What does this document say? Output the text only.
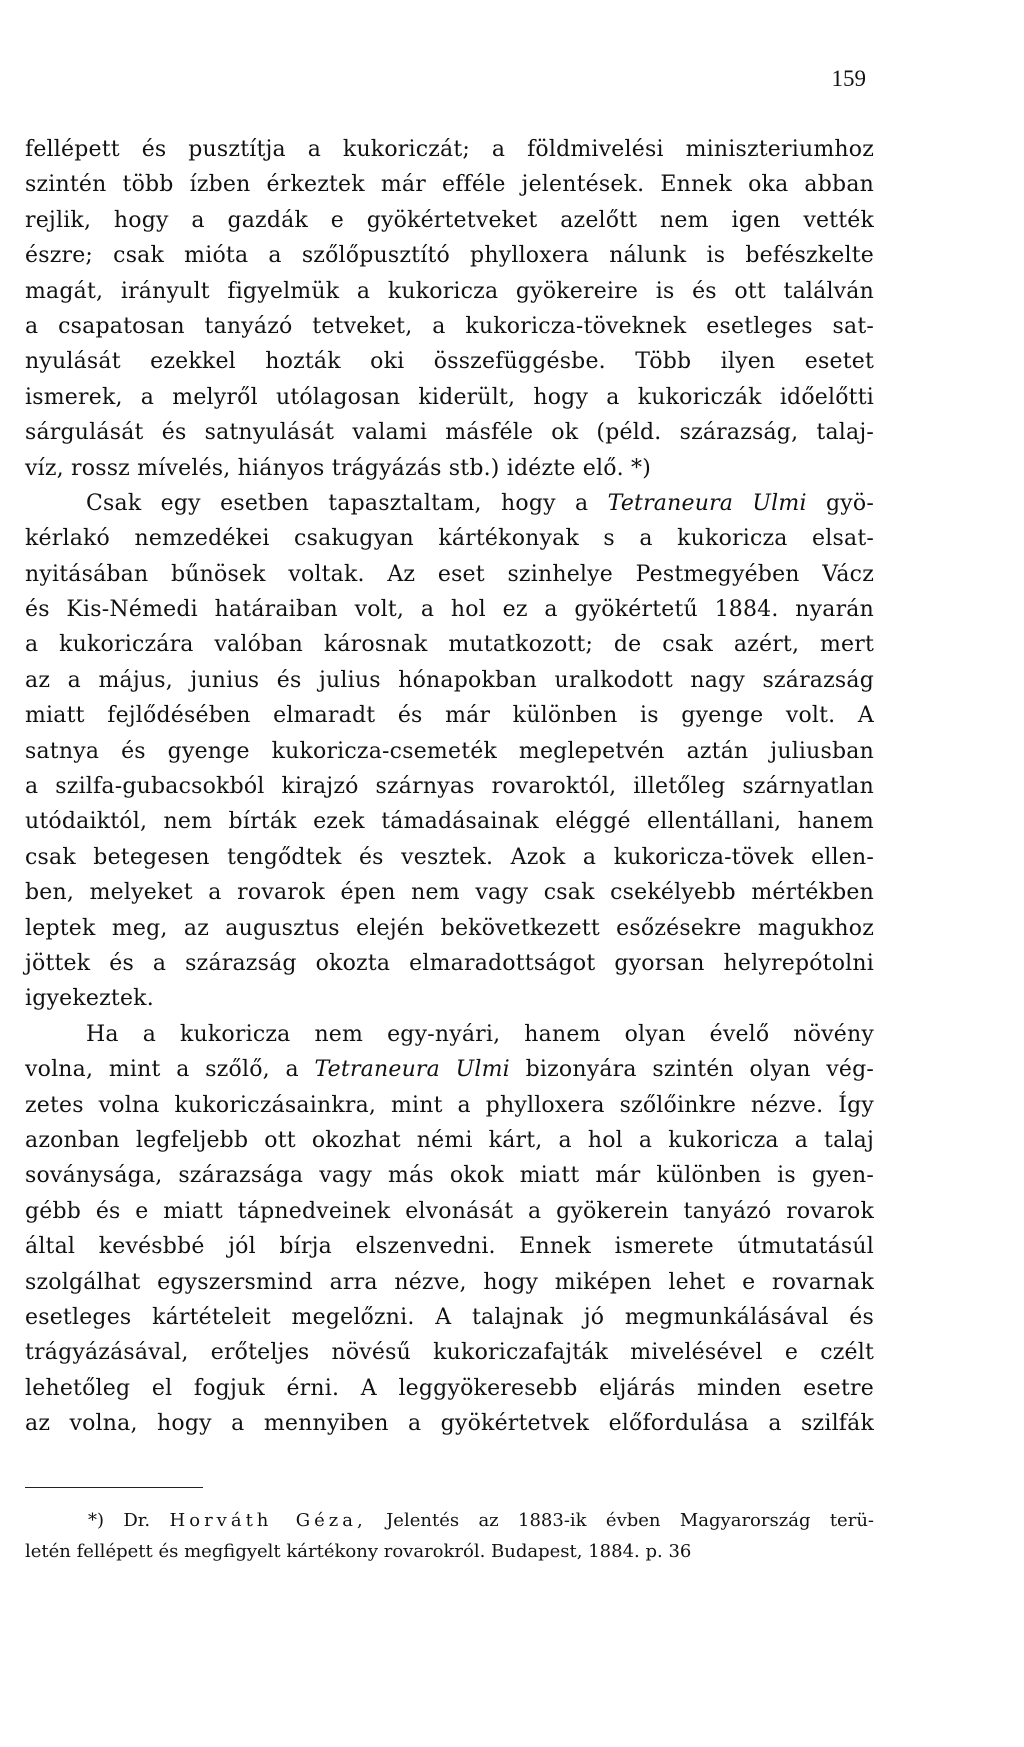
159
fellépett és pusztítja a kukoriczát; a földmivelési miniszteriumhoz
szintén több ízben érkeztek már efféle jelentések. Ennek oka abban
rejlik, hogy a gazdák e gyökértetveket azelőtt nem igen vették
észre; csak mióta a szőlőpusztító phylloxera nálunk is befészkelte
magát, irányult figyelmük a kukoricza gyökereire is és ott találván
a csapatosan tanyázó tetveket, a kukoricza-töveknek esetleges sat-
nyulását ezekkel hozták oki összefüggésbe. Több ilyen esetet
ismerek, a melyről utólagosan kiderült, hogy a kukoriczák időelőtti
sárgulását és satnyulását valami másféle ok (péld. szárazság, talaj-
víz, rossz mívelés, hiányos trágyázás stb.) idézte elő. *)
Csak egy esetben tapasztaltam, hogy a Tetraneura Ulmi gyö-
kérlakó nemzedékei csakugyan kártékonyak s a kukoricza elsat-
nyitásában bűnösek voltak. Az eset szinhelye Pestmegyében Vácz
és Kis-Némedi határaiban volt, a hol ez a gyökértetű 1884. nyarán
a kukoriczára valóban károsnak mutatkozott; de csak azért, mert
az a május, junius és julius hónapokban uralkodott nagy szárazság
miatt fejlődésében elmaradt és már különben is gyenge volt. A
satnya és gyenge kukoricza-csemeték meglepetvén aztán juliusban
a szilfa-gubacsokból kirajzó szárnyas rovaroktól, illetőleg szárnyatlan
utódaiktól, nem bírták ezek támadásainak eléggé ellentállani, hanem
csak betegesen tengődtek és vesztek. Azok a kukoricza-tövek ellen-
ben, melyeket a rovarok épen nem vagy csak csekélyebb mértékben
leptek meg, az augusztus elején bekövetkezett esőzésekre magukhoz
jöttek és a szárazság okozta elmaradottságot gyorsan helyrepótolni
igyekeztek.
Ha a kukoricza nem egy-nyári, hanem olyan évelő növény
volna, mint a szőlő, a Tetraneura Ulmi bizonyára szintén olyan vég-
zetes volna kukoriczásainkra, mint a phylloxera szőlőinkre nézve. Így
azonban legfeljebb ott okozhat némi kárt, a hol a kukoricza a talaj
soványsága, szárazsága vagy más okok miatt már különben is gyen-
gébb és e miatt tápnedveinek elvonását a gyökerein tanyázó rovarok
által kevésbbé jól bírja elszenvedni. Ennek ismerete útmutatásúl
szolgálhat egyszersmind arra nézve, hogy miképen lehet e rovarnak
esetleges kártételeit megelőzni. A talajnak jó megmunkálásával és
trágyázásával, erőteljes növésű kukoriczafajták mivelésével e czélt
lehetőleg el fogjuk érni. A leggyökeresebb eljárás minden esetre
az volna, hogy a mennyiben a gyökértetvek előfordulása a szilfák
*) Dr. Horváth Géza, Jelentés az 1883-ik évben Magyarország terü-
letén fellépett és megfigyelt kártékony rovarokról. Budapest, 1884. p. 36
